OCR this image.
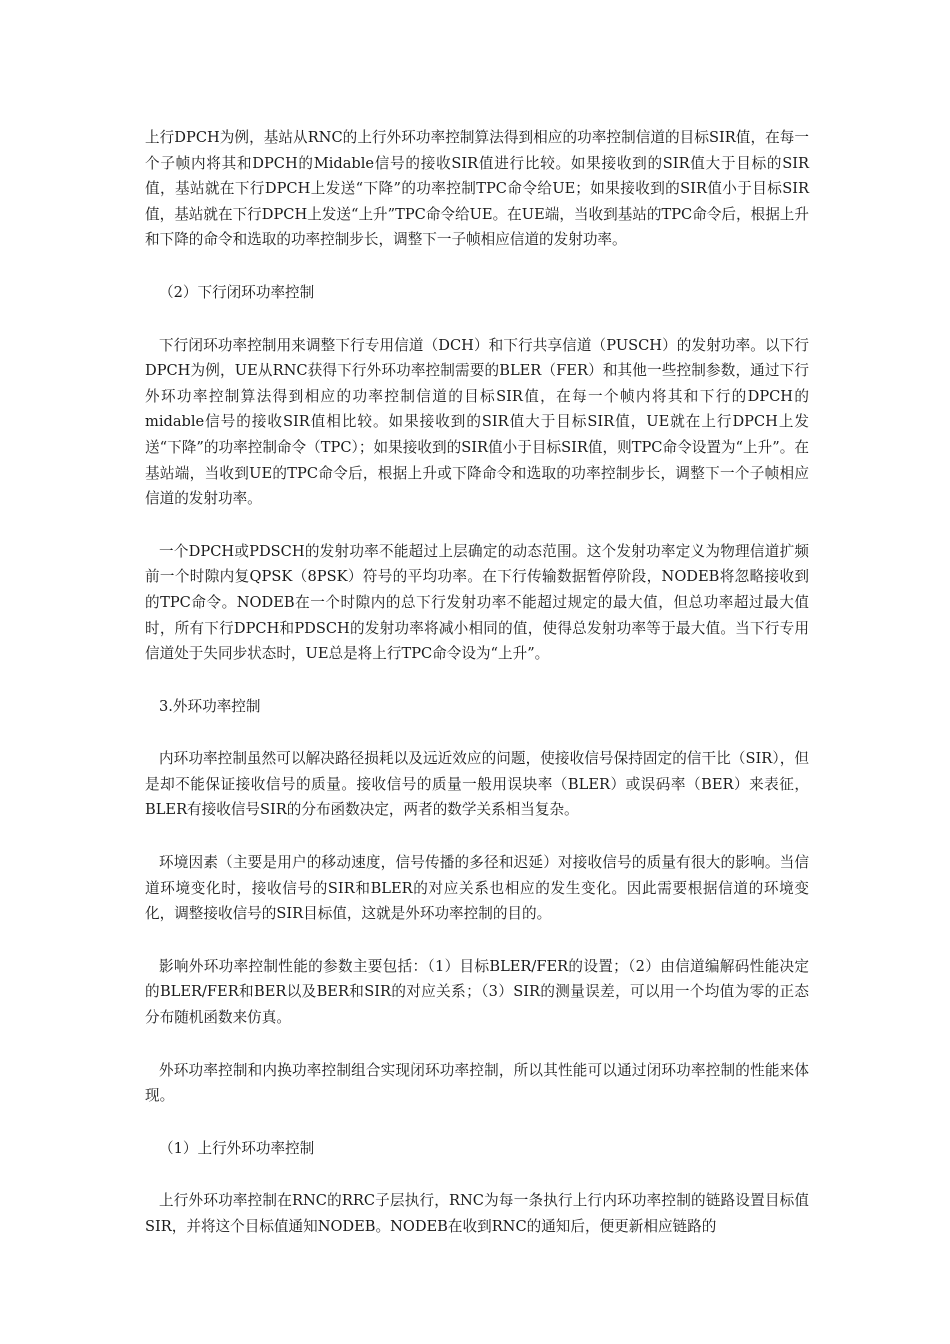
上行DPCH为例，基站从RNC的上行外环功率控制算法得到相应的功率控制信道的目标SIR值，在每一个子帧内将其和DPCH的Midable信号的接收SIR值进行比较。如果接收到的SIR值大于目标的SIR值，基站就在下行DPCH上发送“下降”的功率控制TPC命令给UE；如果接收到的SIR值小于目标SIR值，基站就在下行DPCH上发送“上升”TPC命令给UE。在UE端，当收到基站的TPC命令后，根据上升和下降的命令和选取的功率控制步长，调整下一子帧相应信道的发射功率。

（2）下行闭环功率控制

下行闭环功率控制用来调整下行专用信道（DCH）和下行共享信道（PUSCH）的发射功率。以下行DPCH为例，UE从RNC获得下行外环功率控制需要的BLER（FER）和其他一些控制参数，通过下行外环功率控制算法得到相应的功率控制信道的目标SIR值，在每一个帧内将其和下行的DPCH的midable信号的接收SIR值相比较。如果接收到的SIR值大于目标SIR值，UE就在上行DPCH上发送“下降”的功率控制命令（TPC）；如果接收到的SIR值小于目标SIR值，则TPC命令设置为“上升”。在基站端，当收到UE的TPC命令后，根据上升或下降命令和选取的功率控制步长，调整下一个子帧相应信道的发射功率。

一个DPCH或PDSCH的发射功率不能超过上层确定的动态范围。这个发射功率定义为物理信道扩频前一个时隙内复QPSK（8PSK）符号的平均功率。在下行传输数据暂停阶段，NODEB将忽略接收到的TPC命令。NODEB在一个时隙内的总下行发射功率不能超过规定的最大值，但总功率超过最大值时，所有下行DPCH和PDSCH的发射功率将减小相同的值，使得总发射功率等于最大值。当下行专用信道处于失同步状态时，UE总是将上行TPC命令设为“上升”。

3.外环功率控制

内环功率控制虽然可以解决路径损耗以及远近效应的问题，使接收信号保持固定的信干比（SIR），但是却不能保证接收信号的质量。接收信号的质量一般用误块率（BLER）或误码率（BER）来表征，BLER有接收信号SIR的分布函数决定，两者的数学关系相当复杂。

环境因素（主要是用户的移动速度，信号传播的多径和迟延）对接收信号的质量有很大的影响。当信道环境变化时，接收信号的SIR和BLER的对应关系也相应的发生变化。因此需要根据信道的环境变化，调整接收信号的SIR目标值，这就是外环功率控制的目的。

影响外环功率控制性能的参数主要包括：（1）目标BLER/FER的设置；（2）由信道编解码性能决定的BLER/FER和BER以及BER和SIR的对应关系；（3）SIR的测量误差，可以用一个均值为零的正态分布随机函数来仿真。

外环功率控制和内换功率控制组合实现闭环功率控制，所以其性能可以通过闭环功率控制的性能来体现。

（1）上行外环功率控制

上行外环功率控制在RNC的RRC子层执行，RNC为每一条执行上行内环功率控制的链路设置目标值SIR，并将这个目标值通知NODEB。NODEB在收到RNC的通知后，便更新相应链路的
